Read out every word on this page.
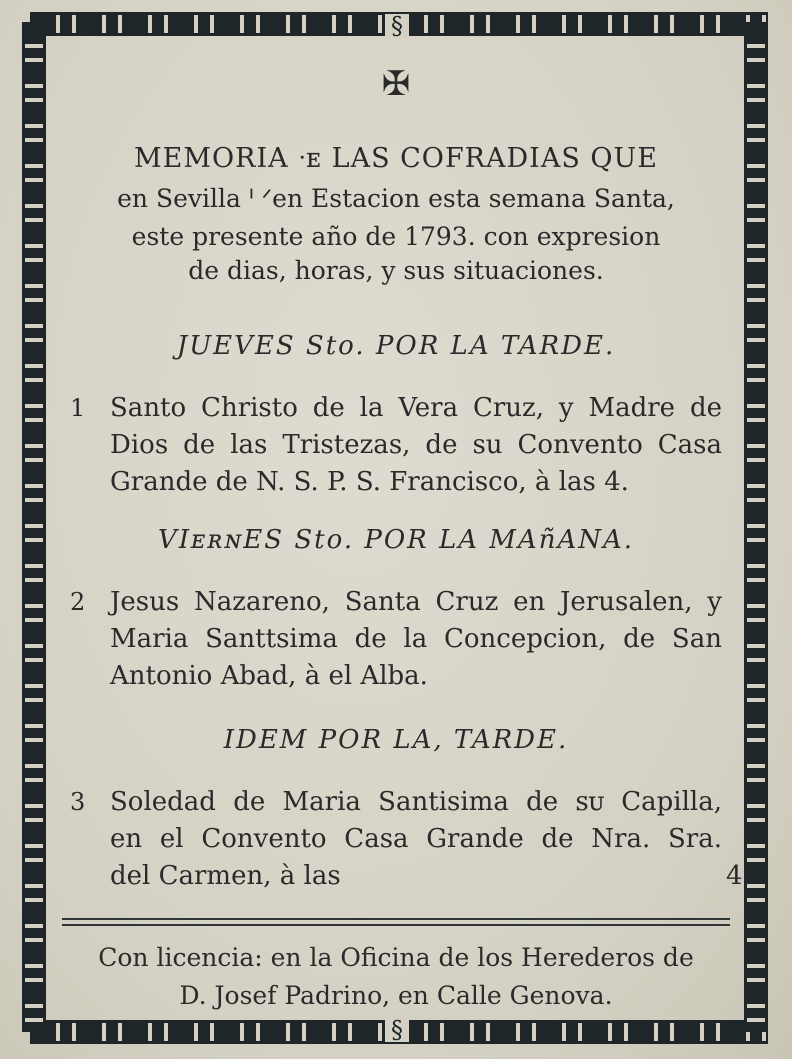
§
§
✠
MEMORIA ᐧᴇ LAS COFRADIAS QUE
en Sevilla ᑊ ᐟen Estacion esta semana Santa,
este presente año de 1793. con expresion
de dias, horas, y sus situaciones.
JUEVES Sto. POR LA TARDE.
1 Santo Christo de la Vera Cruz, y Madre de
Dios de las Tristezas, de su Convento Casa
Grande de N. S. P. S. Francisco, à las 4.
VIᴇʀɴES Sto. POR LA MAñANA.
2 Jesus Nazareno, Santa Cruz en Jerusalen, y
Maria Santtsima de la Concepcion, de San
Antonio Abad, à el Alba.
IDEM POR LA, TARDE.
3 Soledad de Maria Santisima de ꜱᴜ Capilla,
en el Convento Casa Grande de Nra. Sra.
del Carmen, à las	4.
Con licencia: en la Oficina de los Herederos de
D. Josef Padrino, en Calle Genova.
